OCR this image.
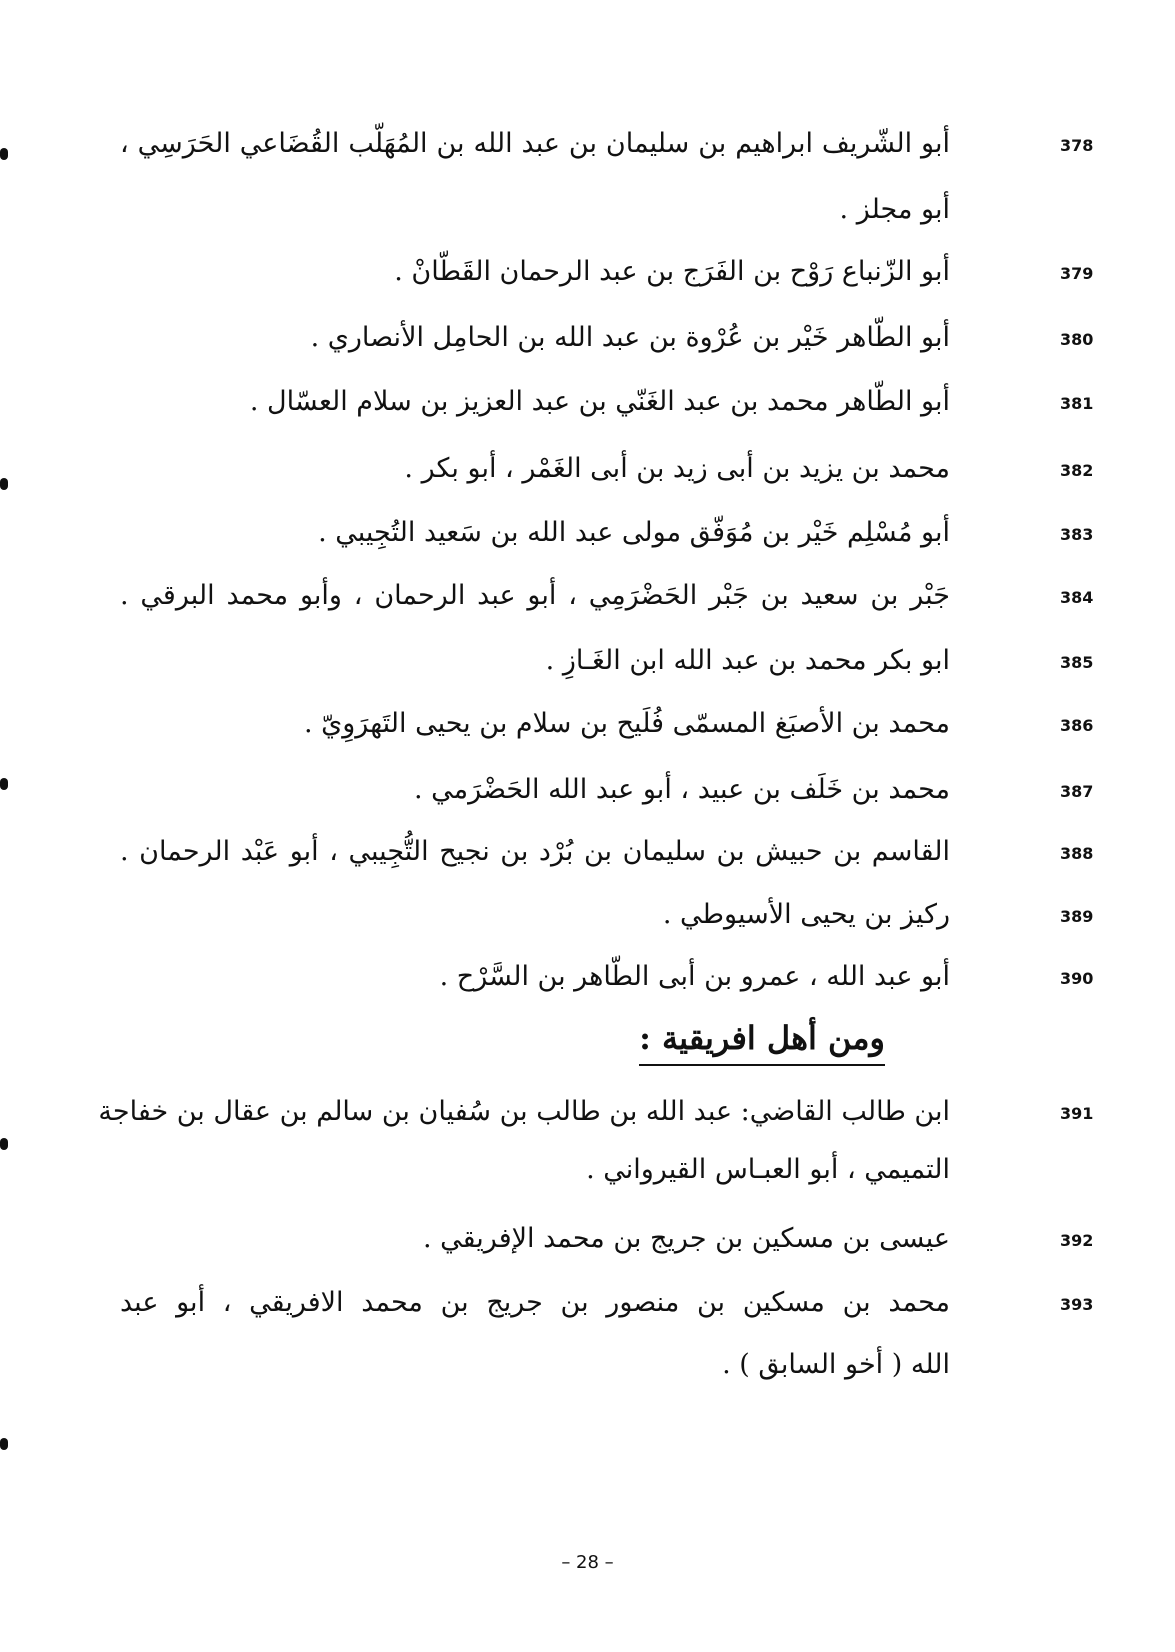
378
أبو الشّريف ابراهيم بن سليمان بن عبد الله بن المُهَلّب القُضَاعي الحَرَسِي ،
أبو مجلز .
379
أبو الزّنباع رَوْح بن الفَرَج بن عبد الرحمان القَطّانْ .
380
أبو الطّاهر خَيْر بن عُرْوة بن عبد الله بن الحامِل الأنصاري .
381
أبو الطّاهر محمد بن عبد الغَنّي بن عبد العزيز بن سلام العسّال .
382
محمد بن يزيد بن أبى زيد بن أبى الغَمْر ، أبو بكر .
383
أبو مُسْلِم خَيْر بن مُوَفّق مولى عبد الله بن سَعيد التُجِيبي .
384
جَبْر بن سعيد بن جَبْر الحَضْرَمِي ، أبو عبد الرحمان ، وأبو محمد البرقي .
385
ابو بكر محمد بن عبد الله ابن الغَـازِ .
386
محمد بن الأصبَغ المسمّى فُلَيح بن سلام بن يحيى التَهرَوِيّ .
387
محمد بن خَلَف بن عبيد ، أبو عبد الله الحَضْرَمي .
388
القاسم بن حبيش بن سليمان بن بُرْد بن نجيح التُّجِيبي ، أبو عَبْد الرحمان .
389
ركيز بن يحيى الأسيوطي .
390
أبو عبد الله ، عمرو بن أبى الطّاهر بن السَّرْح .
ومن أهل افريقية :
391
ابن طالب القاضي: عبد الله بن طالب بن سُفيان بن سالم بن عقال بن خفاجة
التميمي ، أبو العبـاس القيرواني .
392
عيسى بن مسكين بن جريج بن محمد الإفريقي .
393
محمد بن مسكين بن منصور بن جريج بن محمد الافريقي ، أبو عبد
الله ( أخو السابق ) .
– 28 –
